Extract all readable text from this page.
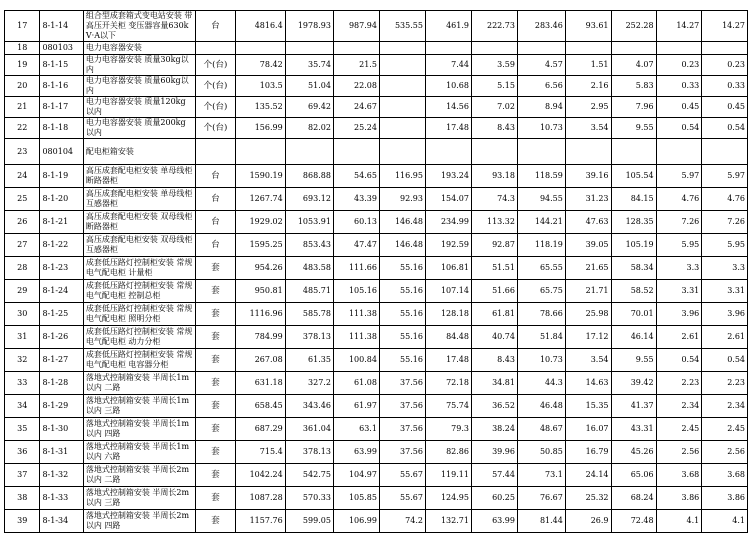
17	8-1-14	组合型成套箱式变电站安装 带高压开关柜 变压器容量630kV·A以下	台	4816.4	1978.93	987.94	535.55	461.9	222.73	283.46	93.61	252.28	14.27	14.27
18	080103	电力电容器安装												
19	8-1-15	电力电容器安装 质量30kg以内	个(台)	78.42	35.74	21.5		7.44	3.59	4.57	1.51	4.07	0.23	0.23
20	8-1-16	电力电容器安装 质量60kg以内	个(台)	103.5	51.04	22.08		10.68	5.15	6.56	2.16	5.83	0.33	0.33
21	8-1-17	电力电容器安装 质量120kg以内	个(台)	135.52	69.42	24.67		14.56	7.02	8.94	2.95	7.96	0.45	0.45
22	8-1-18	电力电容器安装 质量200kg以内	个(台)	156.99	82.02	25.24		17.48	8.43	10.73	3.54	9.55	0.54	0.54
23	080104	配电柜箱安装												
24	8-1-19	高压成套配电柜安装 单母线柜 断路器柜	台	1590.19	868.88	54.65	116.95	193.24	93.18	118.59	39.16	105.54	5.97	5.97
25	8-1-20	高压成套配电柜安装 单母线柜 互感器柜	台	1267.74	693.12	43.39	92.93	154.07	74.3	94.55	31.23	84.15	4.76	4.76
26	8-1-21	高压成套配电柜安装 双母线柜 断路器柜	台	1929.02	1053.91	60.13	146.48	234.99	113.32	144.21	47.63	128.35	7.26	7.26
27	8-1-22	高压成套配电柜安装 双母线柜 互感器柜	台	1595.25	853.43	47.47	146.48	192.59	92.87	118.19	39.05	105.19	5.95	5.95
28	8-1-23	成套低压路灯控制柜安装 常规电气配电柜 计量柜	套	954.26	483.58	111.66	55.16	106.81	51.51	65.55	21.65	58.34	3.3	3.3
29	8-1-24	成套低压路灯控制柜安装 常规电气配电柜 控制总柜	套	950.81	485.71	105.16	55.16	107.14	51.66	65.75	21.71	58.52	3.31	3.31
30	8-1-25	成套低压路灯控制柜安装 常规电气配电柜 照明分柜	套	1116.96	585.78	111.38	55.16	128.18	61.81	78.66	25.98	70.01	3.96	3.96
31	8-1-26	成套低压路灯控制柜安装 常规电气配电柜 动力分柜	套	784.99	378.13	111.38	55.16	84.48	40.74	51.84	17.12	46.14	2.61	2.61
32	8-1-27	成套低压路灯控制柜安装 常规电气配电柜 电容器分柜	套	267.08	61.35	100.84	55.16	17.48	8.43	10.73	3.54	9.55	0.54	0.54
33	8-1-28	落地式控制箱安装 半周长1m以内 二路	套	631.18	327.2	61.08	37.56	72.18	34.81	44.3	14.63	39.42	2.23	2.23
34	8-1-29	落地式控制箱安装 半周长1m以内 三路	套	658.45	343.46	61.97	37.56	75.74	36.52	46.48	15.35	41.37	2.34	2.34
35	8-1-30	落地式控制箱安装 半周长1m以内 四路	套	687.29	361.04	63.1	37.56	79.3	38.24	48.67	16.07	43.31	2.45	2.45
36	8-1-31	落地式控制箱安装 半周长1m以内 六路	套	715.4	378.13	63.99	37.56	82.86	39.96	50.85	16.79	45.26	2.56	2.56
37	8-1-32	落地式控制箱安装 半周长2m以内 二路	套	1042.24	542.75	104.97	55.67	119.11	57.44	73.1	24.14	65.06	3.68	3.68
38	8-1-33	落地式控制箱安装 半周长2m以内 三路	套	1087.28	570.33	105.85	55.67	124.95	60.25	76.67	25.32	68.24	3.86	3.86
39	8-1-34	落地式控制箱安装 半周长2m以内 四路	套	1157.76	599.05	106.99	74.2	132.71	63.99	81.44	26.9	72.48	4.1	4.1
